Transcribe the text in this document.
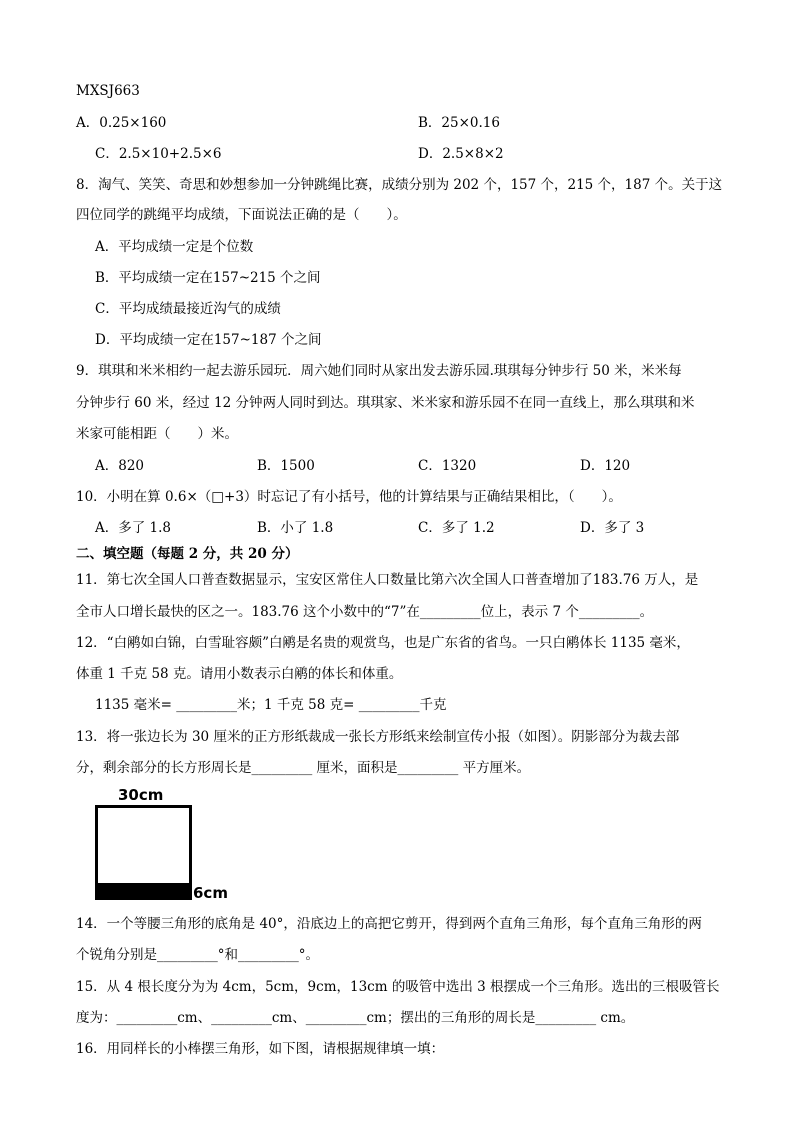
MXSJ663
A．0.25×160	B．25×0.16
C．2.5×10+2.5×6	D．2.5×8×2
8．淘气、笑笑、奇思和妙想参加一分钟跳绳比赛，成绩分别为 202 个，157 个，215 个，187 个。关于这
四位同学的跳绳平均成绩，下面说法正确的是（　　）。
A．平均成绩一定是个位数
B．平均成绩一定在157~215 个之间
C．平均成绩最接近沟气的成绩
D．平均成绩一定在157~187 个之间
9．琪琪和米米相约一起去游乐园玩．周六她们同时从家出发去游乐园.琪琪每分钟步行 50 米，米米每
分钟步行 60 米，经过 12 分钟两人同时到达。琪琪家、米米家和游乐园不在同一直线上，那么琪琪和米
米家可能相距（　　）米。
A．820	B．1500	C．1320	D．120
10．小明在算 0.6×（□+3）时忘记了有小括号，他的计算结果与正确结果相比，（　　）。
A．多了 1.8	B．小了 1.8	C．多了 1.2	D．多了 3
二、填空题（每题 2 分，共 20 分）
11．第七次全国人口普查数据显示，宝安区常住人口数量比第六次全国人口普查增加了183.76 万人，是
全市人口增长最快的区之一。183.76 这个小数中的“7”在_________位上，表示 7 个_________。
12．“白鹇如白锦，白雪耻容颇”白鹇是名贵的观赏鸟，也是广东省的省鸟。一只白鹇体长 1135 毫米，
体重 1 千克 58 克。请用小数表示白鹇的体长和体重。
1135 毫米= _________米；1 千克 58 克= _________千克
13．将一张边长为 30 厘米的正方形纸裁成一张长方形纸来绘制宣传小报（如图）。阴影部分为裁去部
分，剩余部分的长方形周长是_________ 厘米，面积是_________ 平方厘米。
30cm
6cm
14．一个等腰三角形的底角是 40°，沿底边上的高把它剪开，得到两个直角三角形，每个直角三角形的两
个锐角分别是_________°和_________°。
15．从 4 根长度分为为 4cm，5cm，9cm，13cm 的吸管中选出 3 根摆成一个三角形。选出的三根吸管长
度为：_________cm、_________cm、_________cm；摆出的三角形的周长是_________ cm。
16．用同样长的小棒摆三角形，如下图，请根据规律填一填：
